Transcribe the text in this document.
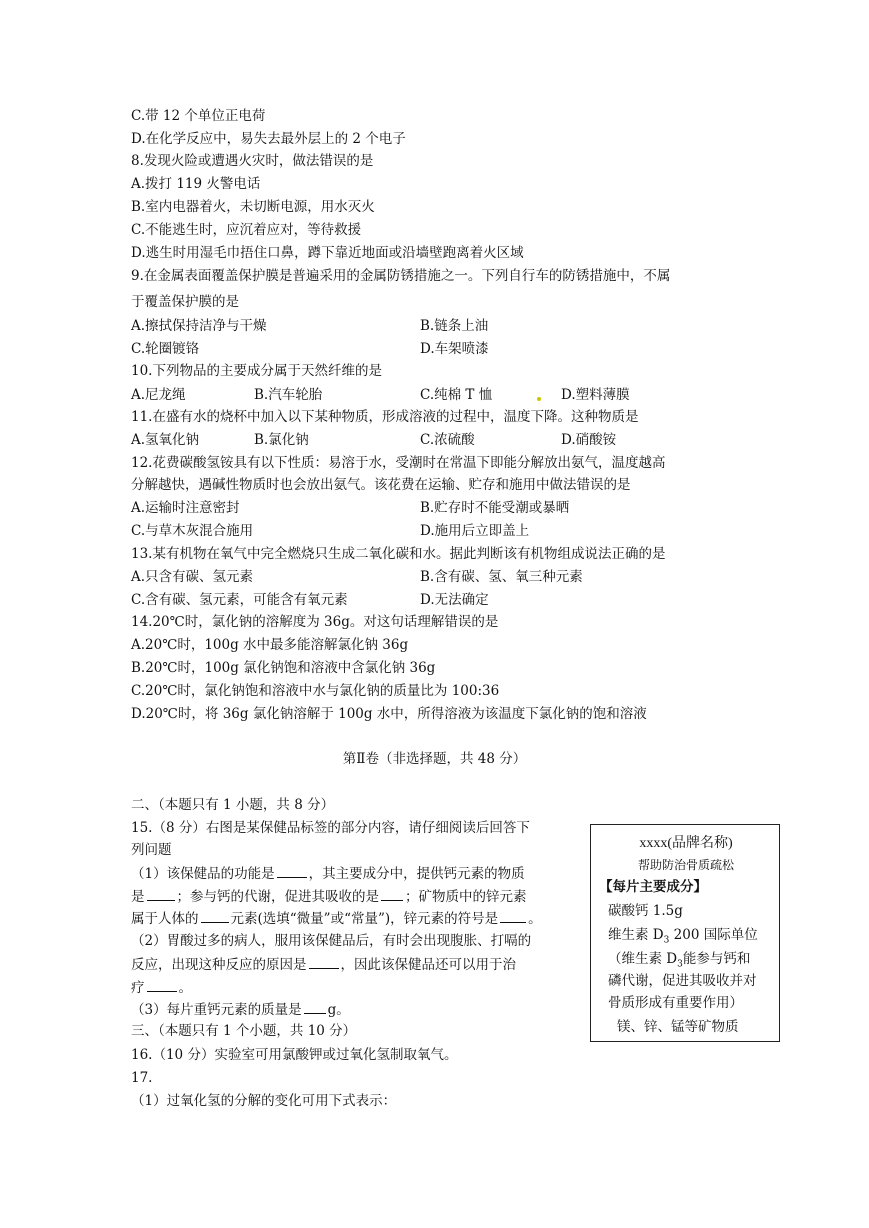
C.带 12 个单位正电荷
D.在化学反应中，易失去最外层上的 2 个电子
8.发现火险或遭遇火灾时，做法错误的是
A.拨打 119 火警电话
B.室内电器着火，未切断电源，用水灭火
C.不能逃生时，应沉着应对，等待救援
D.逃生时用湿毛巾捂住口鼻，蹲下靠近地面或沿墙壁跑离着火区域
9.在金属表面覆盖保护膜是普遍采用的金属防锈措施之一。下列自行车的防锈措施中，不属
于覆盖保护膜的是
A.擦拭保持洁净与干燥	B.链条上油
C.轮圈镀铬	D.车架喷漆
10.下列物品的主要成分属于天然纤维的是
A.尼龙绳	B.汽车轮胎	C.纯棉 T 恤	D.塑料薄膜
11.在盛有水的烧杯中加入以下某种物质，形成溶液的过程中，温度下降。这种物质是
A.氢氧化钠	B.氯化钠	C.浓硫酸	D.硝酸铵
12.花费碳酸氢铵具有以下性质：易溶于水，受潮时在常温下即能分解放出氨气，温度越高
分解越快，遇碱性物质时也会放出氨气。该花费在运输、贮存和施用中做法错误的是
A.运输时注意密封	B.贮存时不能受潮或暴晒
C.与草木灰混合施用	D.施用后立即盖上
13.某有机物在氧气中完全燃烧只生成二氧化碳和水。据此判断该有机物组成说法正确的是
A.只含有碳、氢元素	B.含有碳、氢、氧三种元素
C.含有碳、氢元素，可能含有氧元素	D.无法确定
14.20℃时，氯化钠的溶解度为 36g。对这句话理解错误的是
A.20℃时，100g 水中最多能溶解氯化钠 36g
B.20℃时，100g 氯化钠饱和溶液中含氯化钠 36g
C.20℃时，氯化钠饱和溶液中水与氯化钠的质量比为 100:36
D.20℃时，将 36g 氯化钠溶解于 100g 水中，所得溶液为该温度下氯化钠的饱和溶液
第Ⅱ卷（非选择题，共 48 分）
二、（本题只有 1 小题，共 8 分）
15.（8 分）右图是某保健品标签的部分内容，请仔细阅读后回答下
列问题
（1）该保健品的功能是	，其主要成分中，提供钙元素的物质
是 ；参与钙的代谢，促进其吸收的是 ；矿物质中的锌元素
属于人体的 元素(选填“微量”或“常量”)，锌元素的符号是 。
（2）胃酸过多的病人，服用该保健品后，有时会出现腹胀、打嗝的
反应，出现这种反应的原因是	，因此该保健品还可以用于治
疗	。
（3）每片重钙元素的质量是 g。
三、（本题只有 1 个小题，共 10 分）
16.（10 分）实验室可用氯酸钾或过氧化氢制取氧气。
17.
（1）过氧化氢的分解的变化可用下式表示：
xxxx(品牌名称)
帮助防治骨质疏松
【每片主要成分】
碳酸钙 1.5g
维生素 $D_3$ 200 国际单位
（维生素 $D_3$能参与钙和
磷代谢，促进其吸收并对
骨质形成有重要作用）
镁、锌、锰等矿物质
